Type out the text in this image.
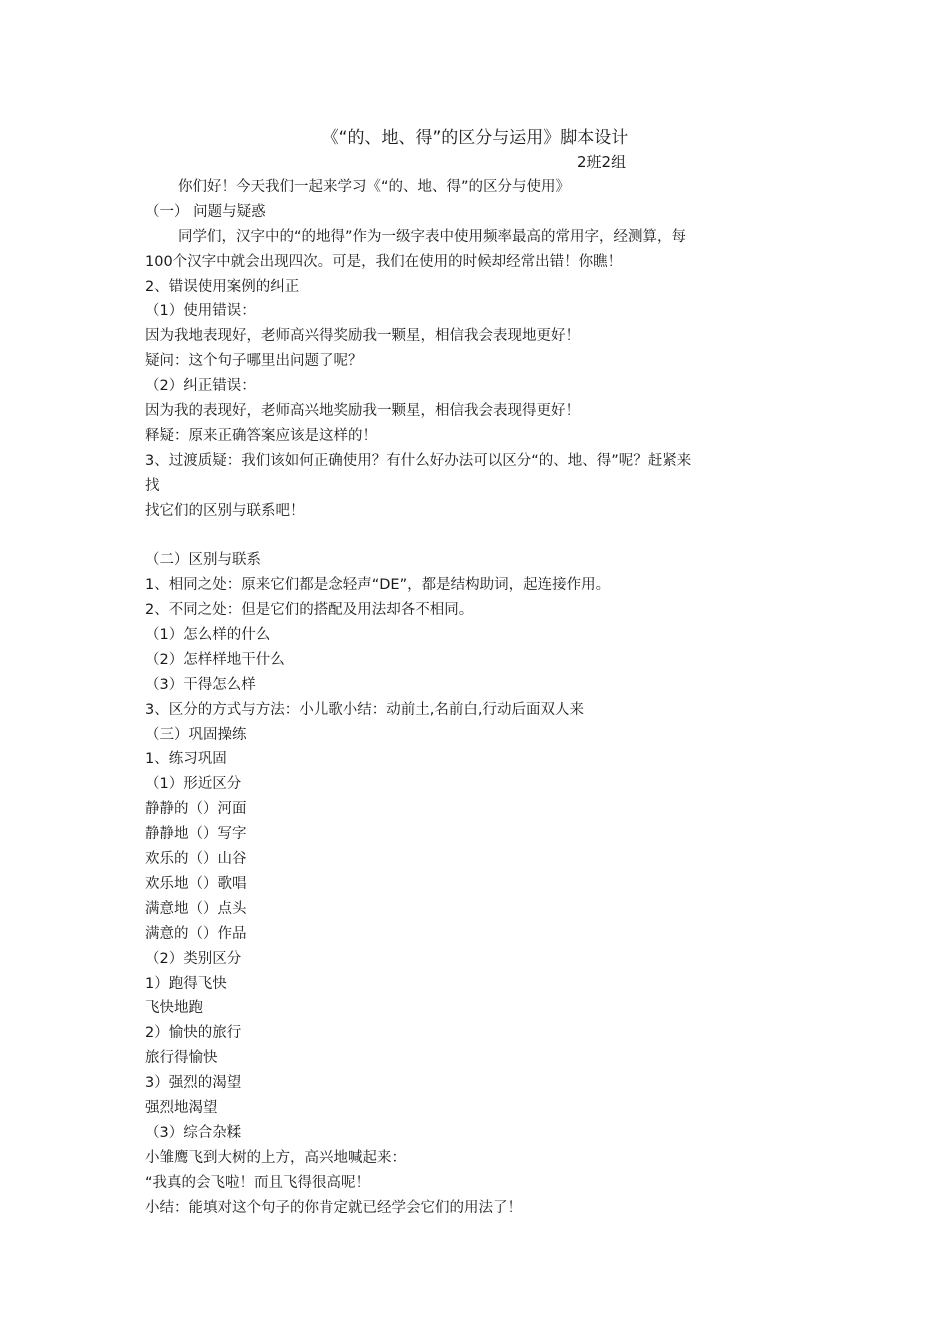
《“的、地、得”的区分与运用》脚本设计
2班2组
你们好！今天我们一起来学习《“的、地、得”的区分与使用》
（一） 问题与疑惑
同学们，汉字中的“的地得”作为一级字表中使用频率最高的常用字，经测算，每
100个汉字中就会出现四次。可是，我们在使用的时候却经常出错！你瞧！
2、错误使用案例的纠正
（1）使用错误：
因为我地表现好，老师高兴得奖励我一颗星，相信我会表现地更好！
疑问：这个句子哪里出问题了呢？
（2）纠正错误：
因为我的表现好，老师高兴地奖励我一颗星，相信我会表现得更好！
释疑：原来正确答案应该是这样的！
3、过渡质疑：我们该如何正确使用？有什么好办法可以区分“的、地、得”呢？赶紧来
找
找它们的区别与联系吧！
（二）区别与联系
1、相同之处：原来它们都是念轻声“DE”，都是结构助词，起连接作用。
2、不同之处：但是它们的搭配及用法却各不相同。
（1）怎么样的什么
（2）怎样样地干什么
（3）干得怎么样
3、区分的方式与方法：小儿歌小结：动前土,名前白,行动后面双人来
（三）巩固操练
1、练习巩固
（1）形近区分
静静的（）河面
静静地（）写字
欢乐的（）山谷
欢乐地（）歌唱
满意地（）点头
满意的（）作品
（2）类别区分
1）跑得飞快
飞快地跑
2）愉快的旅行
旅行得愉快
3）强烈的渴望
强烈地渴望
（3）综合杂糅
小雏鹰飞到大树的上方，高兴地喊起来：
“我真的会飞啦！而且飞得很高呢！
小结：能填对这个句子的你肯定就已经学会它们的用法了！
